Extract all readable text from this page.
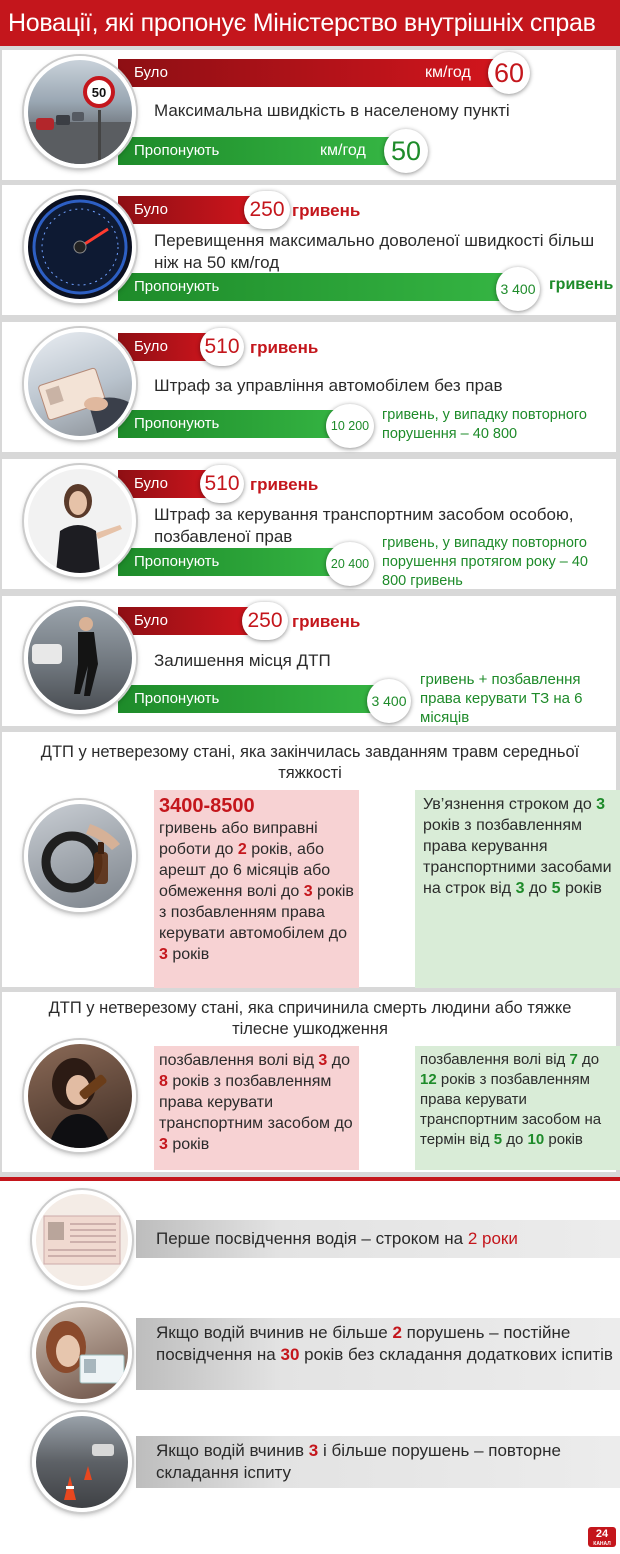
Новації, які пропонує Міністерство внутрішніх справ
Було	км/год 60
Максимальна швидкість в населеному пункті
Пропонують	км/год 50
50
Було	250 гривень
Перевищення максимально доволеної швидкості більш ніж на 50 км/год
Пропонують	3 400 гривень
Було	510 гривень
Штраф за управління автомобілем без прав
Пропонують	10 200
гривень, у випадку повторного порушення – 40 800
Було	510 гривень
Штраф за керування транспортним засобом особою, позбавленої прав
Пропонують	20 400
гривень, у випадку повторного порушення протягом року – 40 800 гривень
Було	250 гривень
Залишення місця ДТП
Пропонують	3 400
гривень + позбавлення права керувати ТЗ на 6 місяців
ДТП у нетверезому стані, яка закінчилась завданням травм середньої тяжкості
3400-8500
гривень або виправні роботи до 2 років, або арешт до 6 місяців або обмеження волі до 3 років з позбавленням права керувати автомобілем до 3 років
Ув’язнення строком до 3 років з позбавленням права керування транспортними засобами на строк від 3 до 5 років
ДТП у нетверезому стані, яка спричинила смерть людини або тяжке тілесне ушкодження
позбавлення волі від 3 до 8 років з позбавленням права керувати транспортним засобом до 3 років
позбавлення волі від 7 до 12 років з позбавленням права керувати транспортним засобом на термін від 5 до 10 років
Перше посвідчення водія – строком на 2 роки
Якщо водій вчинив не більше 2 порушень – постійне посвідчення на 30 років без складання додаткових іспитів
Якщо водій вчинив 3 і більше порушень – повторне складання іспиту
24
КАНАЛ
